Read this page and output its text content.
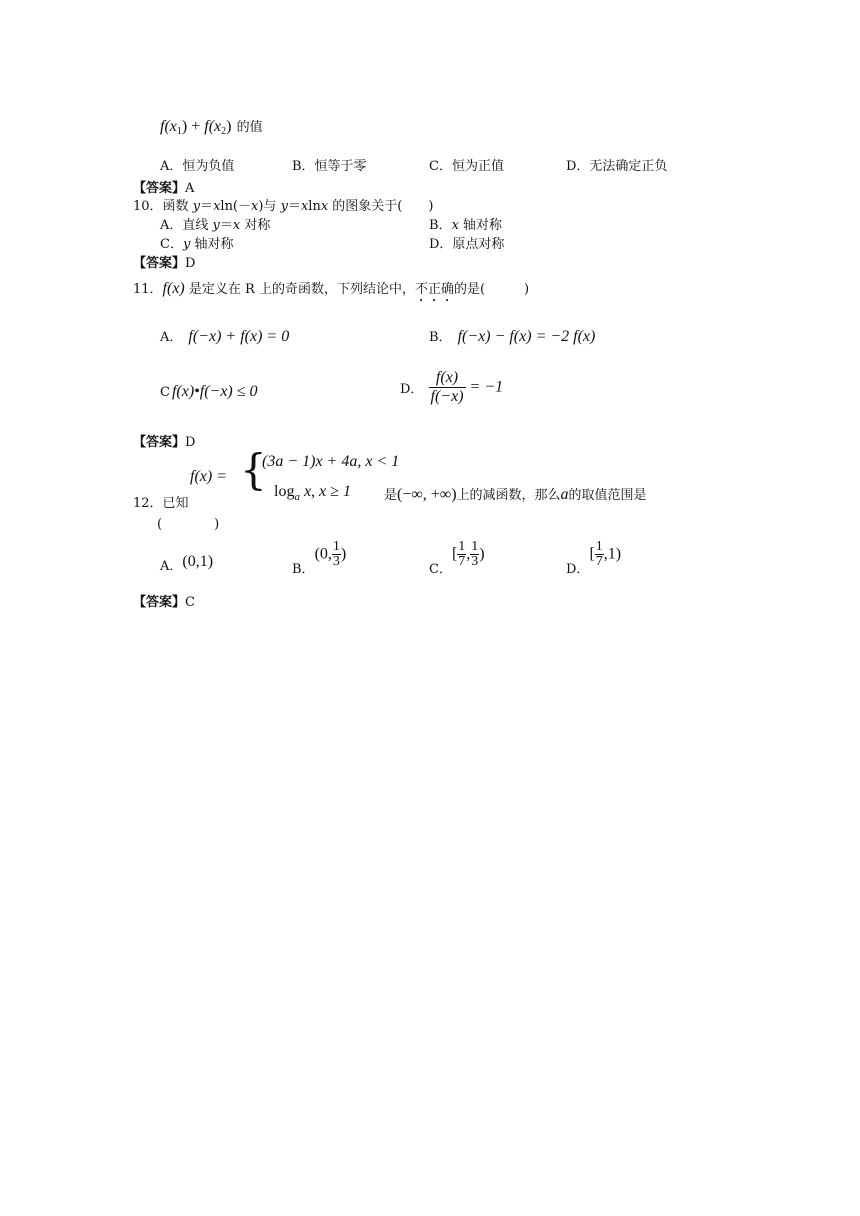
$f(x_1) + f(x_2)$ 的值
A．恒为负值	B．恒等于零	C．恒为正值	D．无法确定正负
【答案】A
10．函数 y＝xln(－x)与 y＝xlnx 的图象关于(　　)
A．直线 y＝x 对称	B．x 轴对称
C．y 轴对称	D．原点对称
【答案】D
11．f(x) 是定义在 R 上的奇函数，下列结论中，不正确的是(　　　)
A． f(−x) + f(x) = 0	B． f(−x) − f(x) = −2 f(x)
C f(x)•f(−x) ≤ 0	D． $\frac{f(x)}{f(-x)} = -1$
【答案】D
f(x) = {
(3a − 1)x + 4a, x < 1
$\log_a x$, x ≥ 1
12．已知
是(−∞, +∞)上的减函数，那么a的取值范围是
(　　　　)
A．(0,1)	$_{B.}$(0, $\frac{1}{3}$ )
$_{C.}[ \frac{1}{7}$ , $\frac{1}{3}$ )
$_{D.}[ \frac{1}{7} ,1)$
【答案】C
